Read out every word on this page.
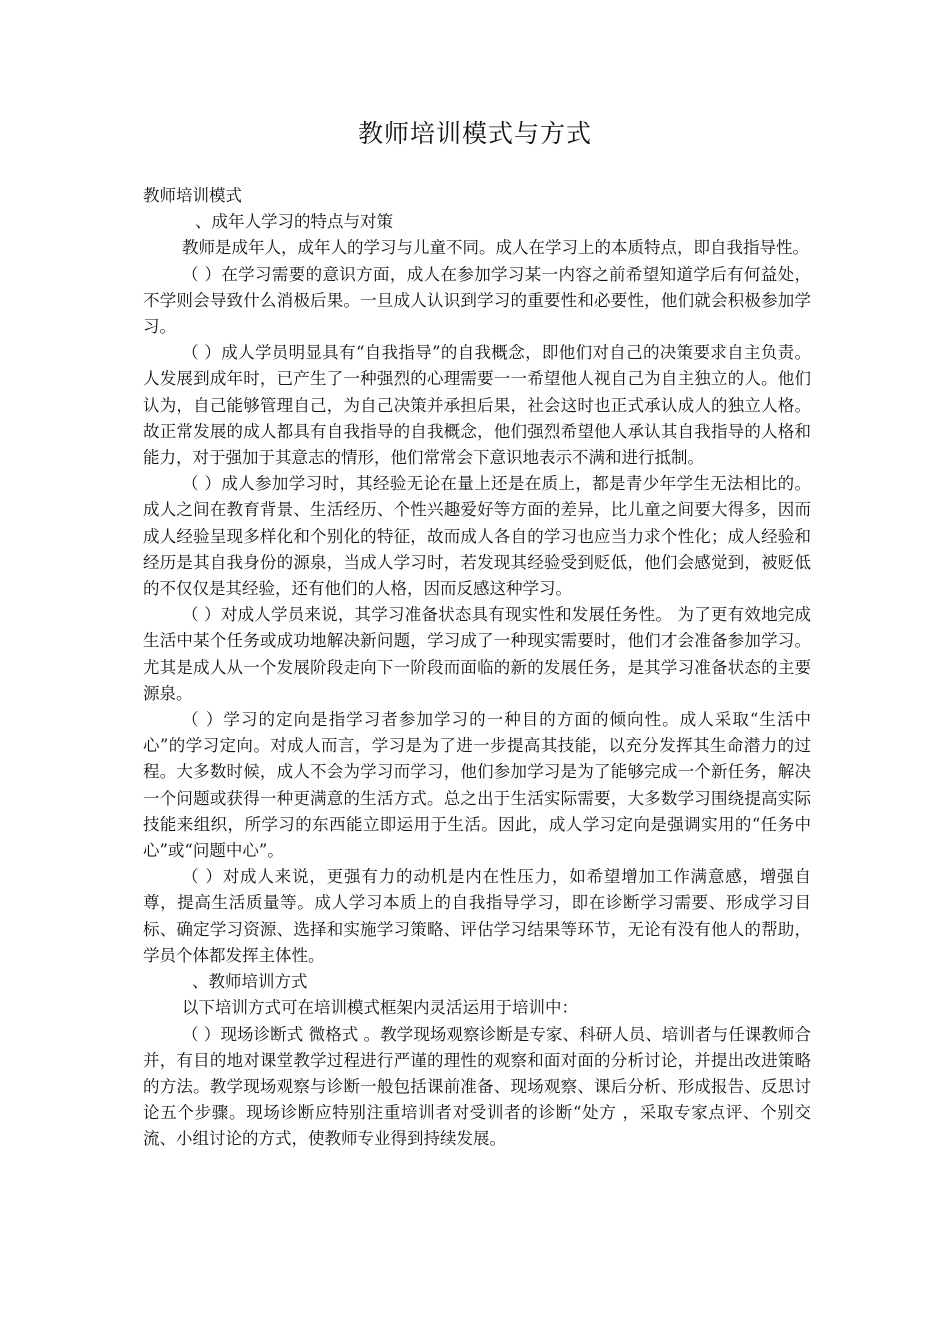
教师培训模式与方式

教师培训模式

、成年人学习的特点与对策

教师是成年人，成年人的学习与儿童不同。成人在学习上的本质特点，即自我指导性。

（ ）在学习需要的意识方面，成人在参加学习某一内容之前希望知道学后有何益处，不学则会导致什么消极后果。一旦成人认识到学习的重要性和必要性，他们就会积极参加学习。

（ ）成人学员明显具有“自我指导”的自我概念，即他们对自己的决策要求自主负责。人发展到成年时，已产生了一种强烈的心理需要一一希望他人视自己为自主独立的人。他们认为，自己能够管理自己，为自己决策并承担后果，社会这时也正式承认成人的独立人格。故正常发展的成人都具有自我指导的自我概念，他们强烈希望他人承认其自我指导的人格和能力，对于强加于其意志的情形，他们常常会下意识地表示不满和进行抵制。

（ ）成人参加学习时，其经验无论在量上还是在质上，都是青少年学生无法相比的。成人之间在教育背景、生活经历、个性兴趣爱好等方面的差异，比儿童之间要大得多，因而成人经验呈现多样化和个别化的特征，故而成人各自的学习也应当力求个性化；成人经验和经历是其自我身份的源泉，当成人学习时，若发现其经验受到贬低，他们会感觉到，被贬低的不仅仅是其经验，还有他们的人格，因而反感这种学习。

（ ）对成人学员来说，其学习准备状态具有现实性和发展任务性。 为了更有效地完成生活中某个任务或成功地解决新问题，学习成了一种现实需要时，他们才会准备参加学习。尤其是成人从一个发展阶段走向下一阶段而面临的新的发展任务，是其学习准备状态的主要源泉。

（ ）学习的定向是指学习者参加学习的一种目的方面的倾向性。成人采取“生活中心”的学习定向。对成人而言，学习是为了进一步提高其技能，以充分发挥其生命潜力的过程。大多数时候，成人不会为学习而学习，他们参加学习是为了能够完成一个新任务，解决一个问题或获得一种更满意的生活方式。总之出于生活实际需要，大多数学习围绕提高实际技能来组织，所学习的东西能立即运用于生活。因此，成人学习定向是强调实用的“任务中心”或“问题中心”。

（ ）对成人来说，更强有力的动机是内在性压力，如希望增加工作满意感，增强自尊，提高生活质量等。成人学习本质上的自我指导学习，即在诊断学习需要、形成学习目标、确定学习资源、选择和实施学习策略、评估学习结果等环节，无论有没有他人的帮助，学员个体都发挥主体性。

、教师培训方式

以下培训方式可在培训模式框架内灵活运用于培训中：

（ ）现场诊断式 微格式 。教学现场观察诊断是专家、科研人员、培训者与任课教师合并，有目的地对课堂教学过程进行严谨的理性的观察和面对面的分析讨论，并提出改进策略的方法。教学现场观察与诊断一般包括课前准备、现场观察、课后分析、形成报告、反思讨论五个步骤。现场诊断应特别注重培训者对受训者的诊断“处方 ，采取专家点评、个别交流、小组讨论的方式，使教师专业得到持续发展。
